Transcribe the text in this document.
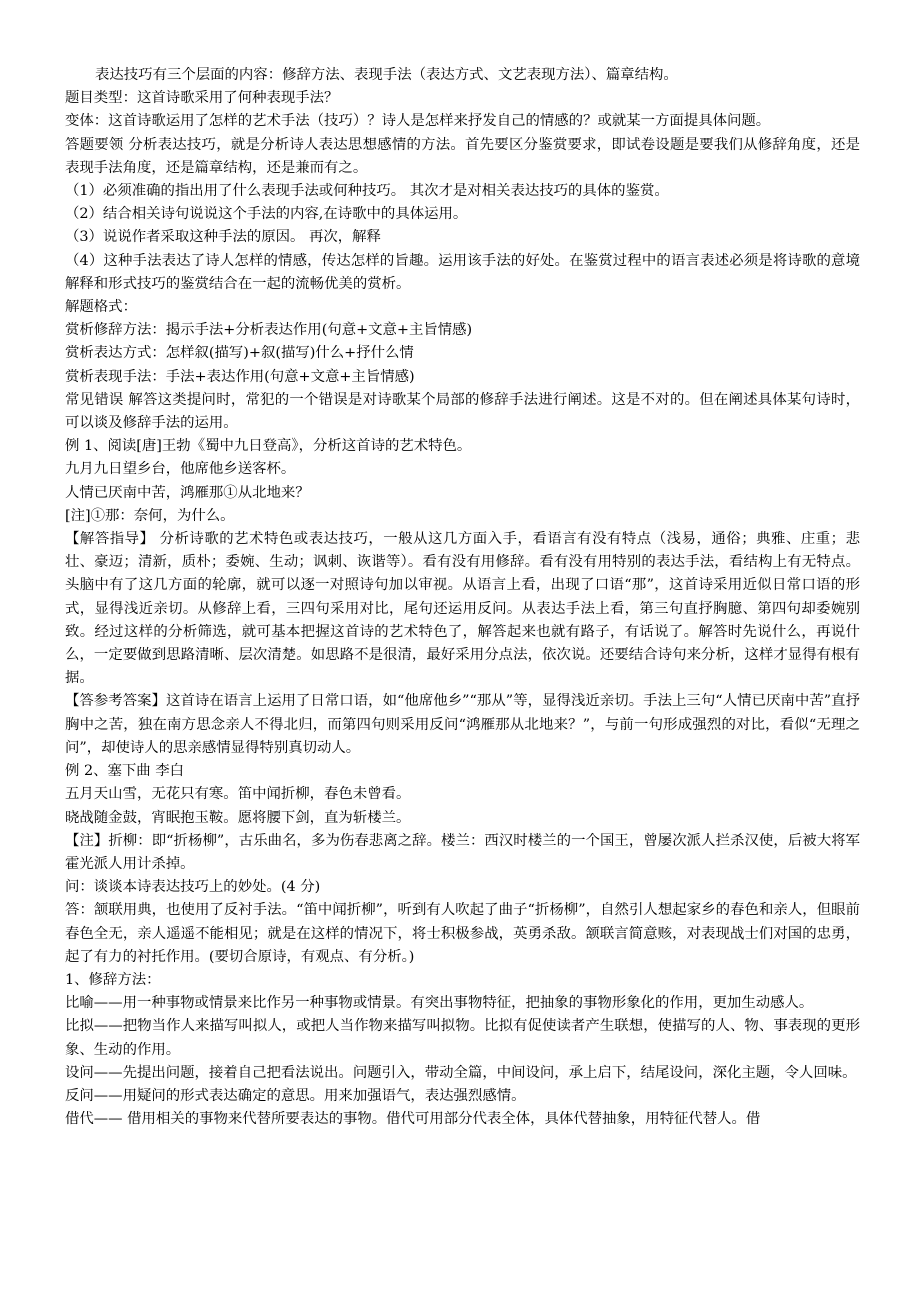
表达技巧有三个层面的内容：修辞方法、表现手法（表达方式、文艺表现方法）、篇章结构。

题目类型：这首诗歌采用了何种表现手法？

变体：这首诗歌运用了怎样的艺术手法（技巧）？诗人是怎样来抒发自己的情感的？或就某一方面提具体问题。

答题要领 分析表达技巧，就是分析诗人表达思想感情的方法。首先要区分鉴赏要求，即试卷设题是要我们从修辞角度，还是表现手法角度，还是篇章结构，还是兼而有之。

（1）必须准确的指出用了什么表现手法或何种技巧。 其次才是对相关表达技巧的具体的鉴赏。

（2）结合相关诗句说说这个手法的内容,在诗歌中的具体运用。

（3）说说作者采取这种手法的原因。 再次，解释

（4）这种手法表达了诗人怎样的情感，传达怎样的旨趣。运用该手法的好处。在鉴赏过程中的语言表述必须是将诗歌的意境解释和形式技巧的鉴赏结合在一起的流畅优美的赏析。

解题格式：

赏析修辞方法：揭示手法+分析表达作用(句意+文意+主旨情感)

赏析表达方式：怎样叙(描写)+叙(描写)什么+抒什么情

赏析表现手法：手法+表达作用(句意+文意+主旨情感)

常见错误 解答这类提问时，常犯的一个错误是对诗歌某个局部的修辞手法进行阐述。这是不对的。但在阐述具体某句诗时，可以谈及修辞手法的运用。

例 1、阅读[唐]王勃《蜀中九日登高》，分析这首诗的艺术特色。

九月九日望乡台，他席他乡送客杯。

人情已厌南中苦，鸿雁那①从北地来？

[注]①那：奈何，为什么。

【解答指导】 分析诗歌的艺术特色或表达技巧，一般从这几方面入手，看语言有没有特点（浅易，通俗；典雅、庄重；悲壮、豪迈；清新，质朴；委婉、生动；讽刺、诙谐等）。看有没有用修辞。看有没有用特别的表达手法，看结构上有无特点。头脑中有了这几方面的轮廓，就可以逐一对照诗句加以审视。从语言上看，出现了口语“那”，这首诗采用近似日常口语的形式，显得浅近亲切。从修辞上看，三四句采用对比，尾句还运用反问。从表达手法上看，第三句直抒胸臆、第四句却委婉别致。经过这样的分析筛选，就可基本把握这首诗的艺术特色了，解答起来也就有路子，有话说了。解答时先说什么，再说什么，一定要做到思路清晰、层次清楚。如思路不是很清，最好采用分点法，依次说。还要结合诗句来分析，这样才显得有根有据。

【答参考答案】这首诗在语言上运用了日常口语，如“他席他乡”“那从”等，显得浅近亲切。手法上三句“人情已厌南中苦”直抒胸中之苦，独在南方思念亲人不得北归，而第四句则采用反问“鸿雁那从北地来？”，与前一句形成强烈的对比，看似“无理之问”，却使诗人的思亲感情显得特别真切动人。

例 2、塞下曲 李白

五月天山雪，无花只有寒。笛中闻折柳，春色未曾看。

晓战随金鼓，宵眠抱玉鞍。愿将腰下剑，直为斩楼兰。

【注】折柳：即“折杨柳”，古乐曲名，多为伤春悲离之辞。楼兰：西汉时楼兰的一个国王，曾屡次派人拦杀汉使，后被大将军霍光派人用计杀掉。

问：谈谈本诗表达技巧上的妙处。(4 分)

答：颔联用典，也使用了反衬手法。“笛中闻折柳”，听到有人吹起了曲子“折杨柳”，自然引人想起家乡的春色和亲人，但眼前春色全无，亲人遥遥不能相见；就是在这样的情况下，将士积极参战，英勇杀敌。颔联言简意赅，对表现战士们对国的忠勇，起了有力的衬托作用。(要切合原诗，有观点、有分析。)

1、修辞方法：

比喻——用一种事物或情景来比作另一种事物或情景。有突出事物特征，把抽象的事物形象化的作用，更加生动感人。

比拟——把物当作人来描写叫拟人，或把人当作物来描写叫拟物。比拟有促使读者产生联想，使描写的人、物、事表现的更形象、生动的作用。

设问——先提出问题，接着自己把看法说出。问题引入，带动全篇，中间设问，承上启下，结尾设问，深化主题，令人回味。

反问——用疑问的形式表达确定的意思。用来加强语气，表达强烈感情。

借代—— 借用相关的事物来代替所要表达的事物。借代可用部分代表全体，具体代替抽象，用特征代替人。借
